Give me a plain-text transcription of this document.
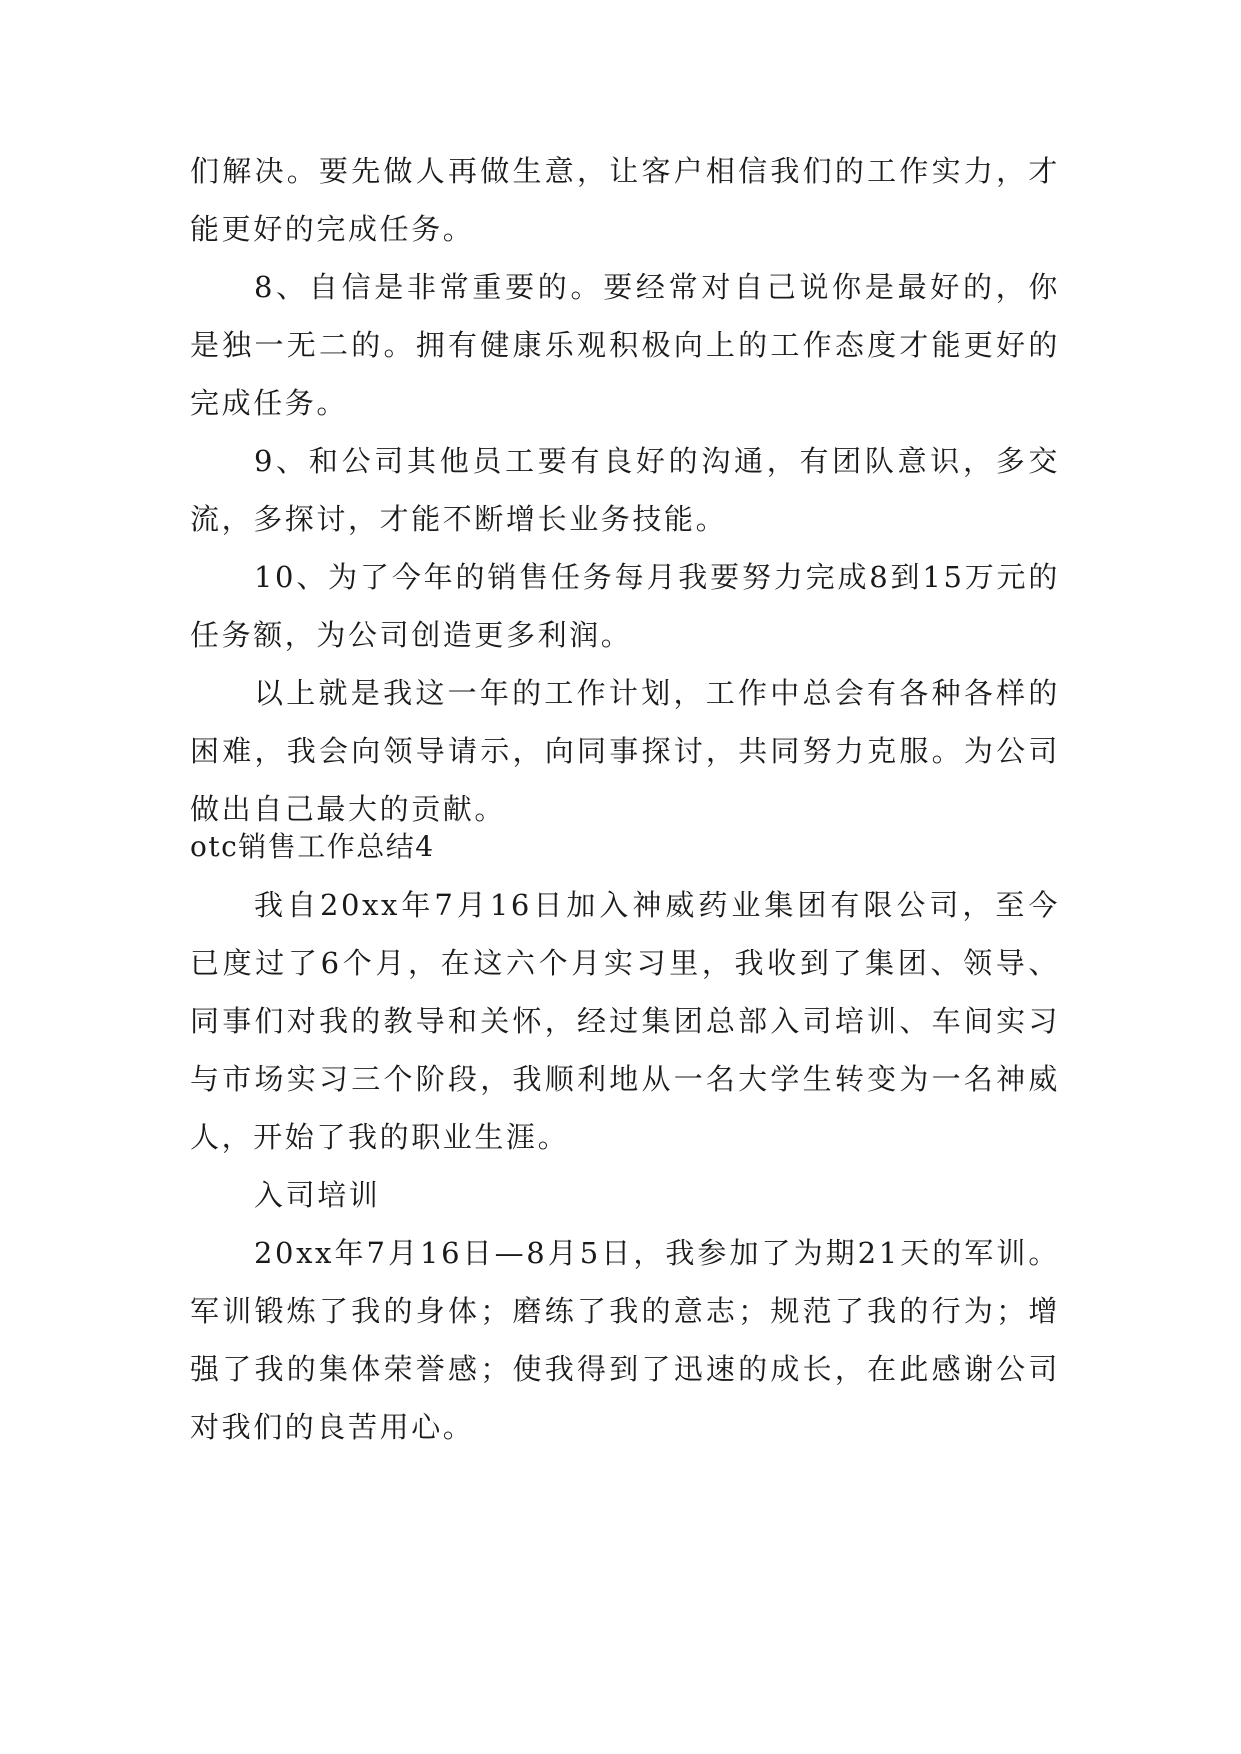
们解决。要先做人再做生意，让客户相信我们的工作实力，才能更好的完成任务。

8、自信是非常重要的。要经常对自己说你是最好的，你是独一无二的。拥有健康乐观积极向上的工作态度才能更好的完成任务。

9、和公司其他员工要有良好的沟通，有团队意识，多交流，多探讨，才能不断增长业务技能。

10、为了今年的销售任务每月我要努力完成8到15万元的任务额，为公司创造更多利润。

以上就是我这一年的工作计划，工作中总会有各种各样的困难，我会向领导请示，向同事探讨，共同努力克服。为公司做出自己最大的贡献。

otc销售工作总结4

我自20xx年7月16日加入神威药业集团有限公司，至今已度过了6个月，在这六个月实习里，我收到了集团、领导、同事们对我的教导和关怀，经过集团总部入司培训、车间实习与市场实习三个阶段，我顺利地从一名大学生转变为一名神威人，开始了我的职业生涯。

入司培训

20xx年7月16日—8月5日，我参加了为期21天的军训。军训锻炼了我的身体；磨练了我的意志；规范了我的行为；增强了我的集体荣誉感；使我得到了迅速的成长，在此感谢公司对我们的良苦用心。
